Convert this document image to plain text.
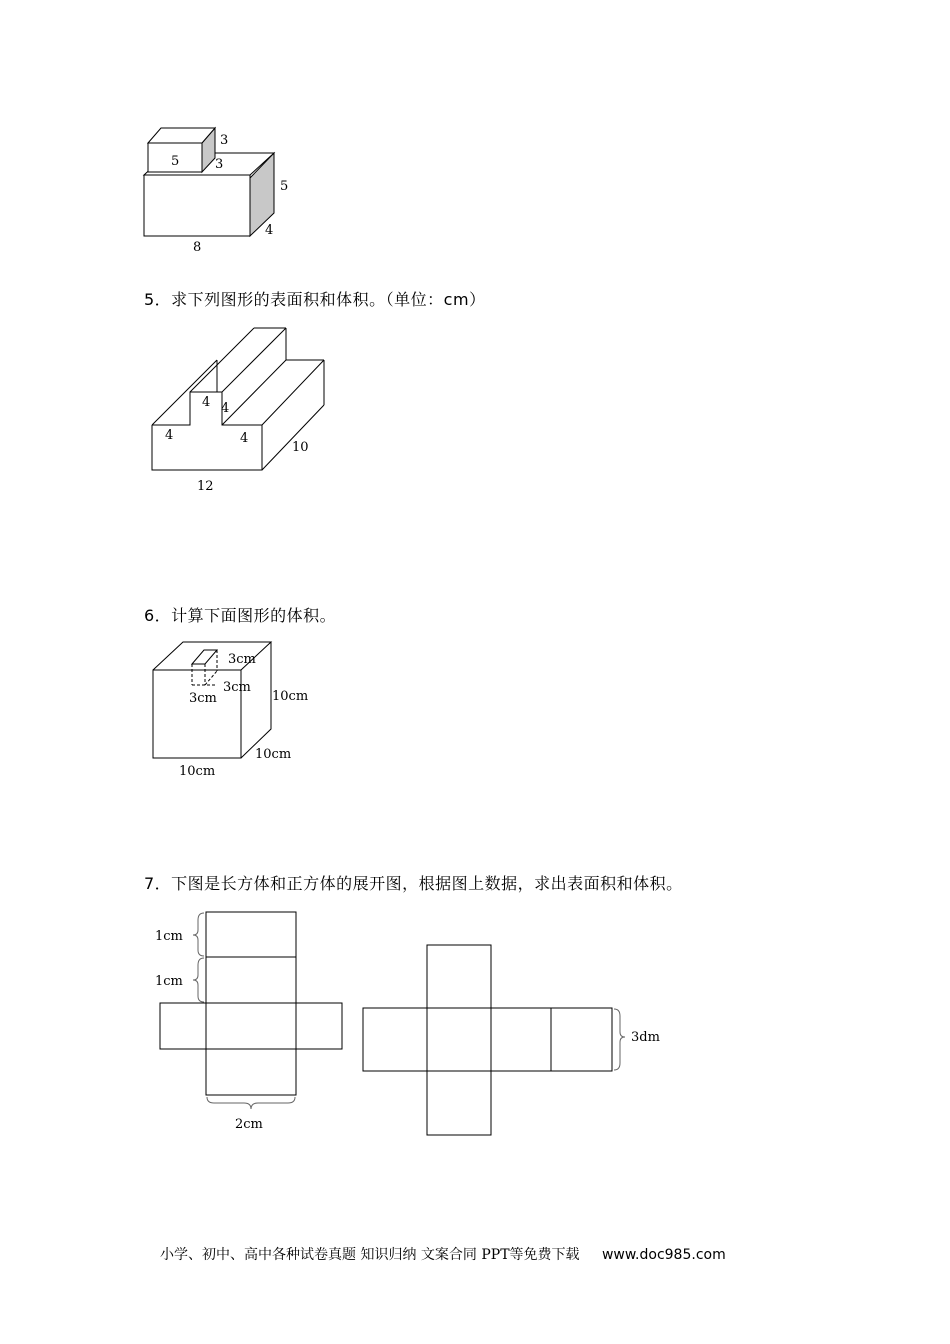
3
5	3
5
4
8
5．求下列图形的表面积和体积。（单位：cm）
4 4
4	4
10
12
6．计算下面图形的体积。
3cm
3cm
3cm	10cm
10cm
10cm
7．下图是长方体和正方体的展开图，根据图上数据，求出表面积和体积。
1cm
1cm
2cm
3dm
小学、初中、高中各种试卷真题 知识归纳 文案合同 PPT等免费下载 www.doc985.com
